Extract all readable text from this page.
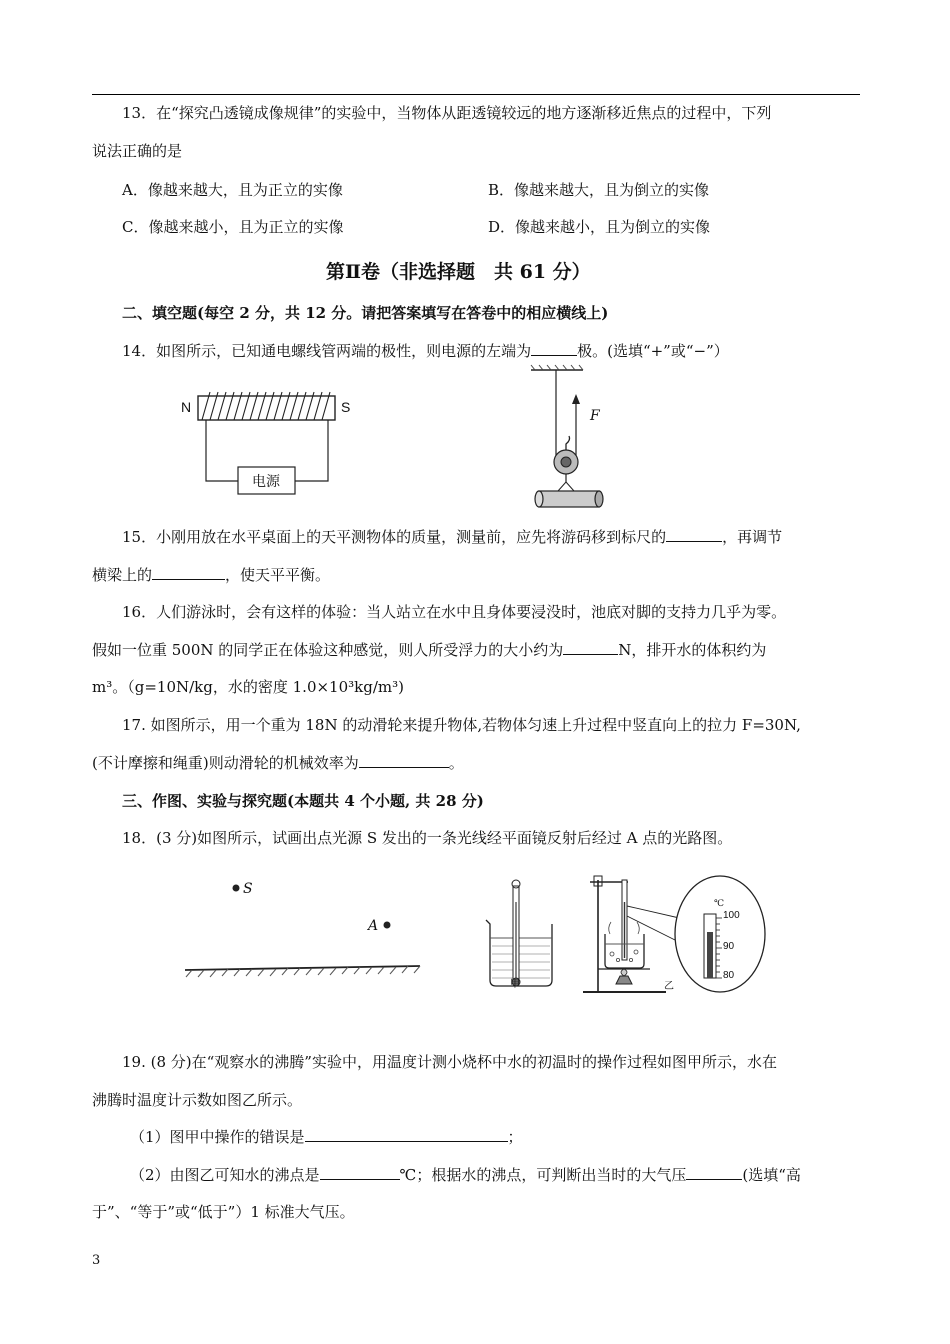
13．在“探究凸透镜成像规律”的实验中，当物体从距透镜较远的地方逐渐移近焦点的过程中，下列
说法正确的是
A．像越来越大，且为正立的实像	B．像越来越大，且为倒立的实像
C．像越来越小，且为正立的实像	D．像越来越小，且为倒立的实像
第Ⅱ卷（非选择题　共 61 分）
二、填空题(每空 2 分，共 12 分。请把答案填写在答卷中的相应横线上)
14．如图所示，已知通电螺线管两端的极性，则电源的左端为	极。(选填“+”或“−”）
N	S
电源
F
15．小刚用放在水平桌面上的天平测物体的质量，测量前，应先将游码移到标尺的	，再调节
横梁上的	，使天平平衡。
16．人们游泳时，会有这样的体验：当人站立在水中且身体要浸没时，池底对脚的支持力几乎为零。
假如一位重 500N 的同学正在体验这种感觉，则人所受浮力的大小约为	N，排开水的体积约为
m³。（g=10N/kg，水的密度 1.0×10³kg/m³)
17. 如图所示，用一个重为 18N 的动滑轮来提升物体,若物体匀速上升过程中竖直向上的拉力 F=30N,
(不计摩擦和绳重)则动滑轮的机械效率为	。
三、作图、实验与探究题(本题共 4 个小题, 共 28 分)
18．(3 分)如图所示，试画出点光源 S 发出的一条光线经平面镜反射后经过 A 点的光路图。
S
A
甲	乙
℃
100
90
80
19. (8 分)在“观察水的沸腾”实验中，用温度计测小烧杯中水的初温时的操作过程如图甲所示，水在
沸腾时温度计示数如图乙所示。
（1）图甲中操作的错误是	；
（2）由图乙可知水的沸点是	℃；根据水的沸点，可判断出当时的大气压	(选填“高
于”、“等于”或“低于”）1 标准大气压。
3
